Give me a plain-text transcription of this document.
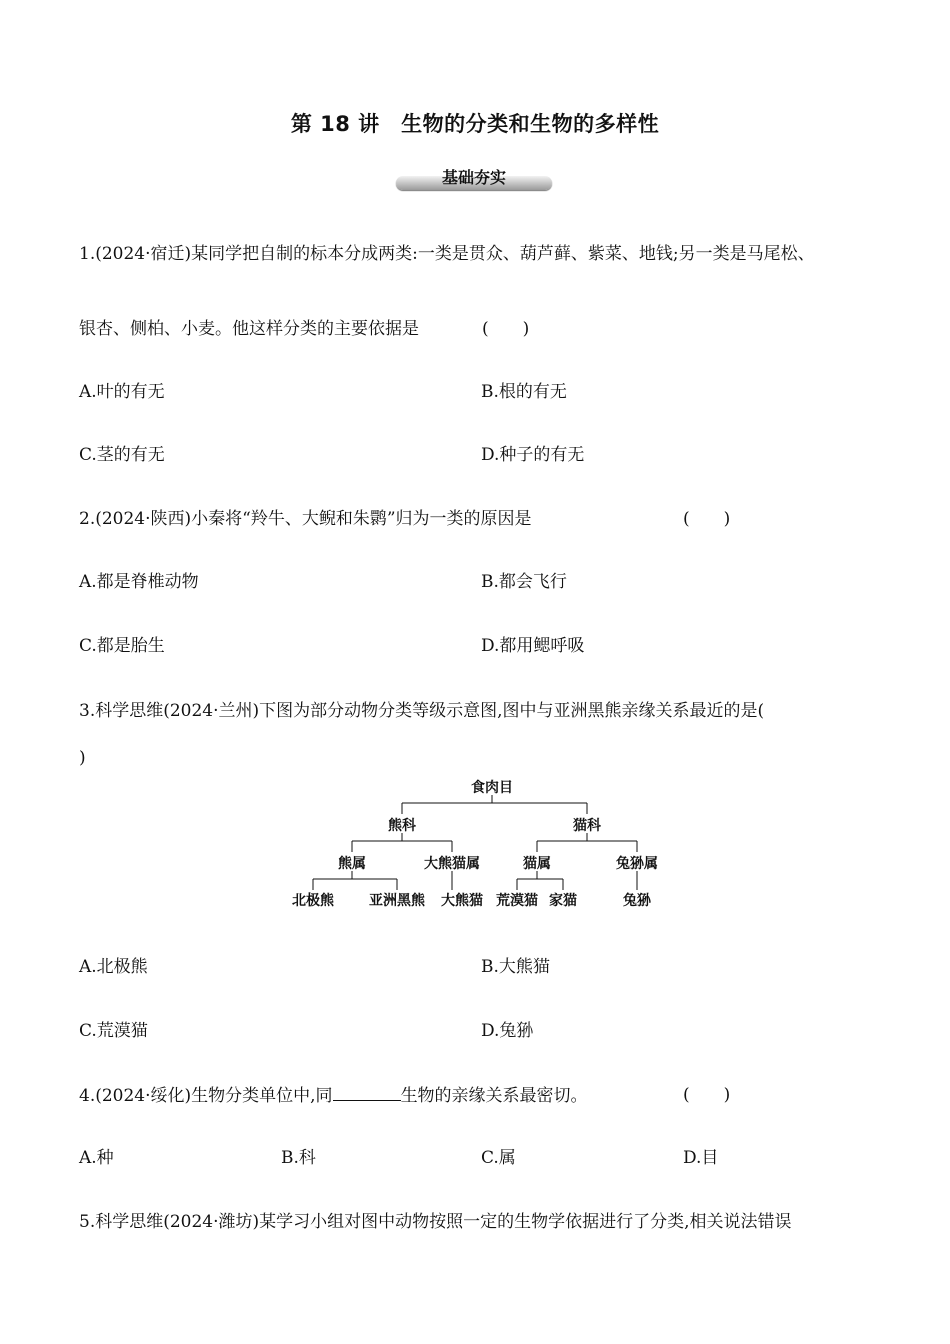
第 18 讲　生物的分类和生物的多样性
基础夯实
1.(2024·宿迁)某同学把自制的标本分成两类:一类是贯众、葫芦藓、紫菜、地钱;另一类是马尾松、
银杏、侧柏、小麦。他这样分类的主要依据是	(　　)
A.叶的有无	B.根的有无
C.茎的有无	D.种子的有无
2.(2024·陕西)小秦将“羚牛、大鲵和朱鹮”归为一类的原因是	(　　)
A.都是脊椎动物	B.都会飞行
C.都是胎生	D.都用鳃呼吸
3.科学思维(2024·兰州)下图为部分动物分类等级示意图,图中与亚洲黑熊亲缘关系最近的是(
)
食肉目
熊科	猫科
熊属	大熊猫属	猫属	兔狲属
北极熊	亚洲黑熊 大熊猫 荒漠猫 家猫	兔狲
A.北极熊	B.大熊猫
C.荒漠猫	D.兔狲
4.(2024·绥化)生物分类单位中,同	生物的亲缘关系最密切。	(　　)
A.种	B.科	C.属	D.目
5.科学思维(2024·潍坊)某学习小组对图中动物按照一定的生物学依据进行了分类,相关说法错误
